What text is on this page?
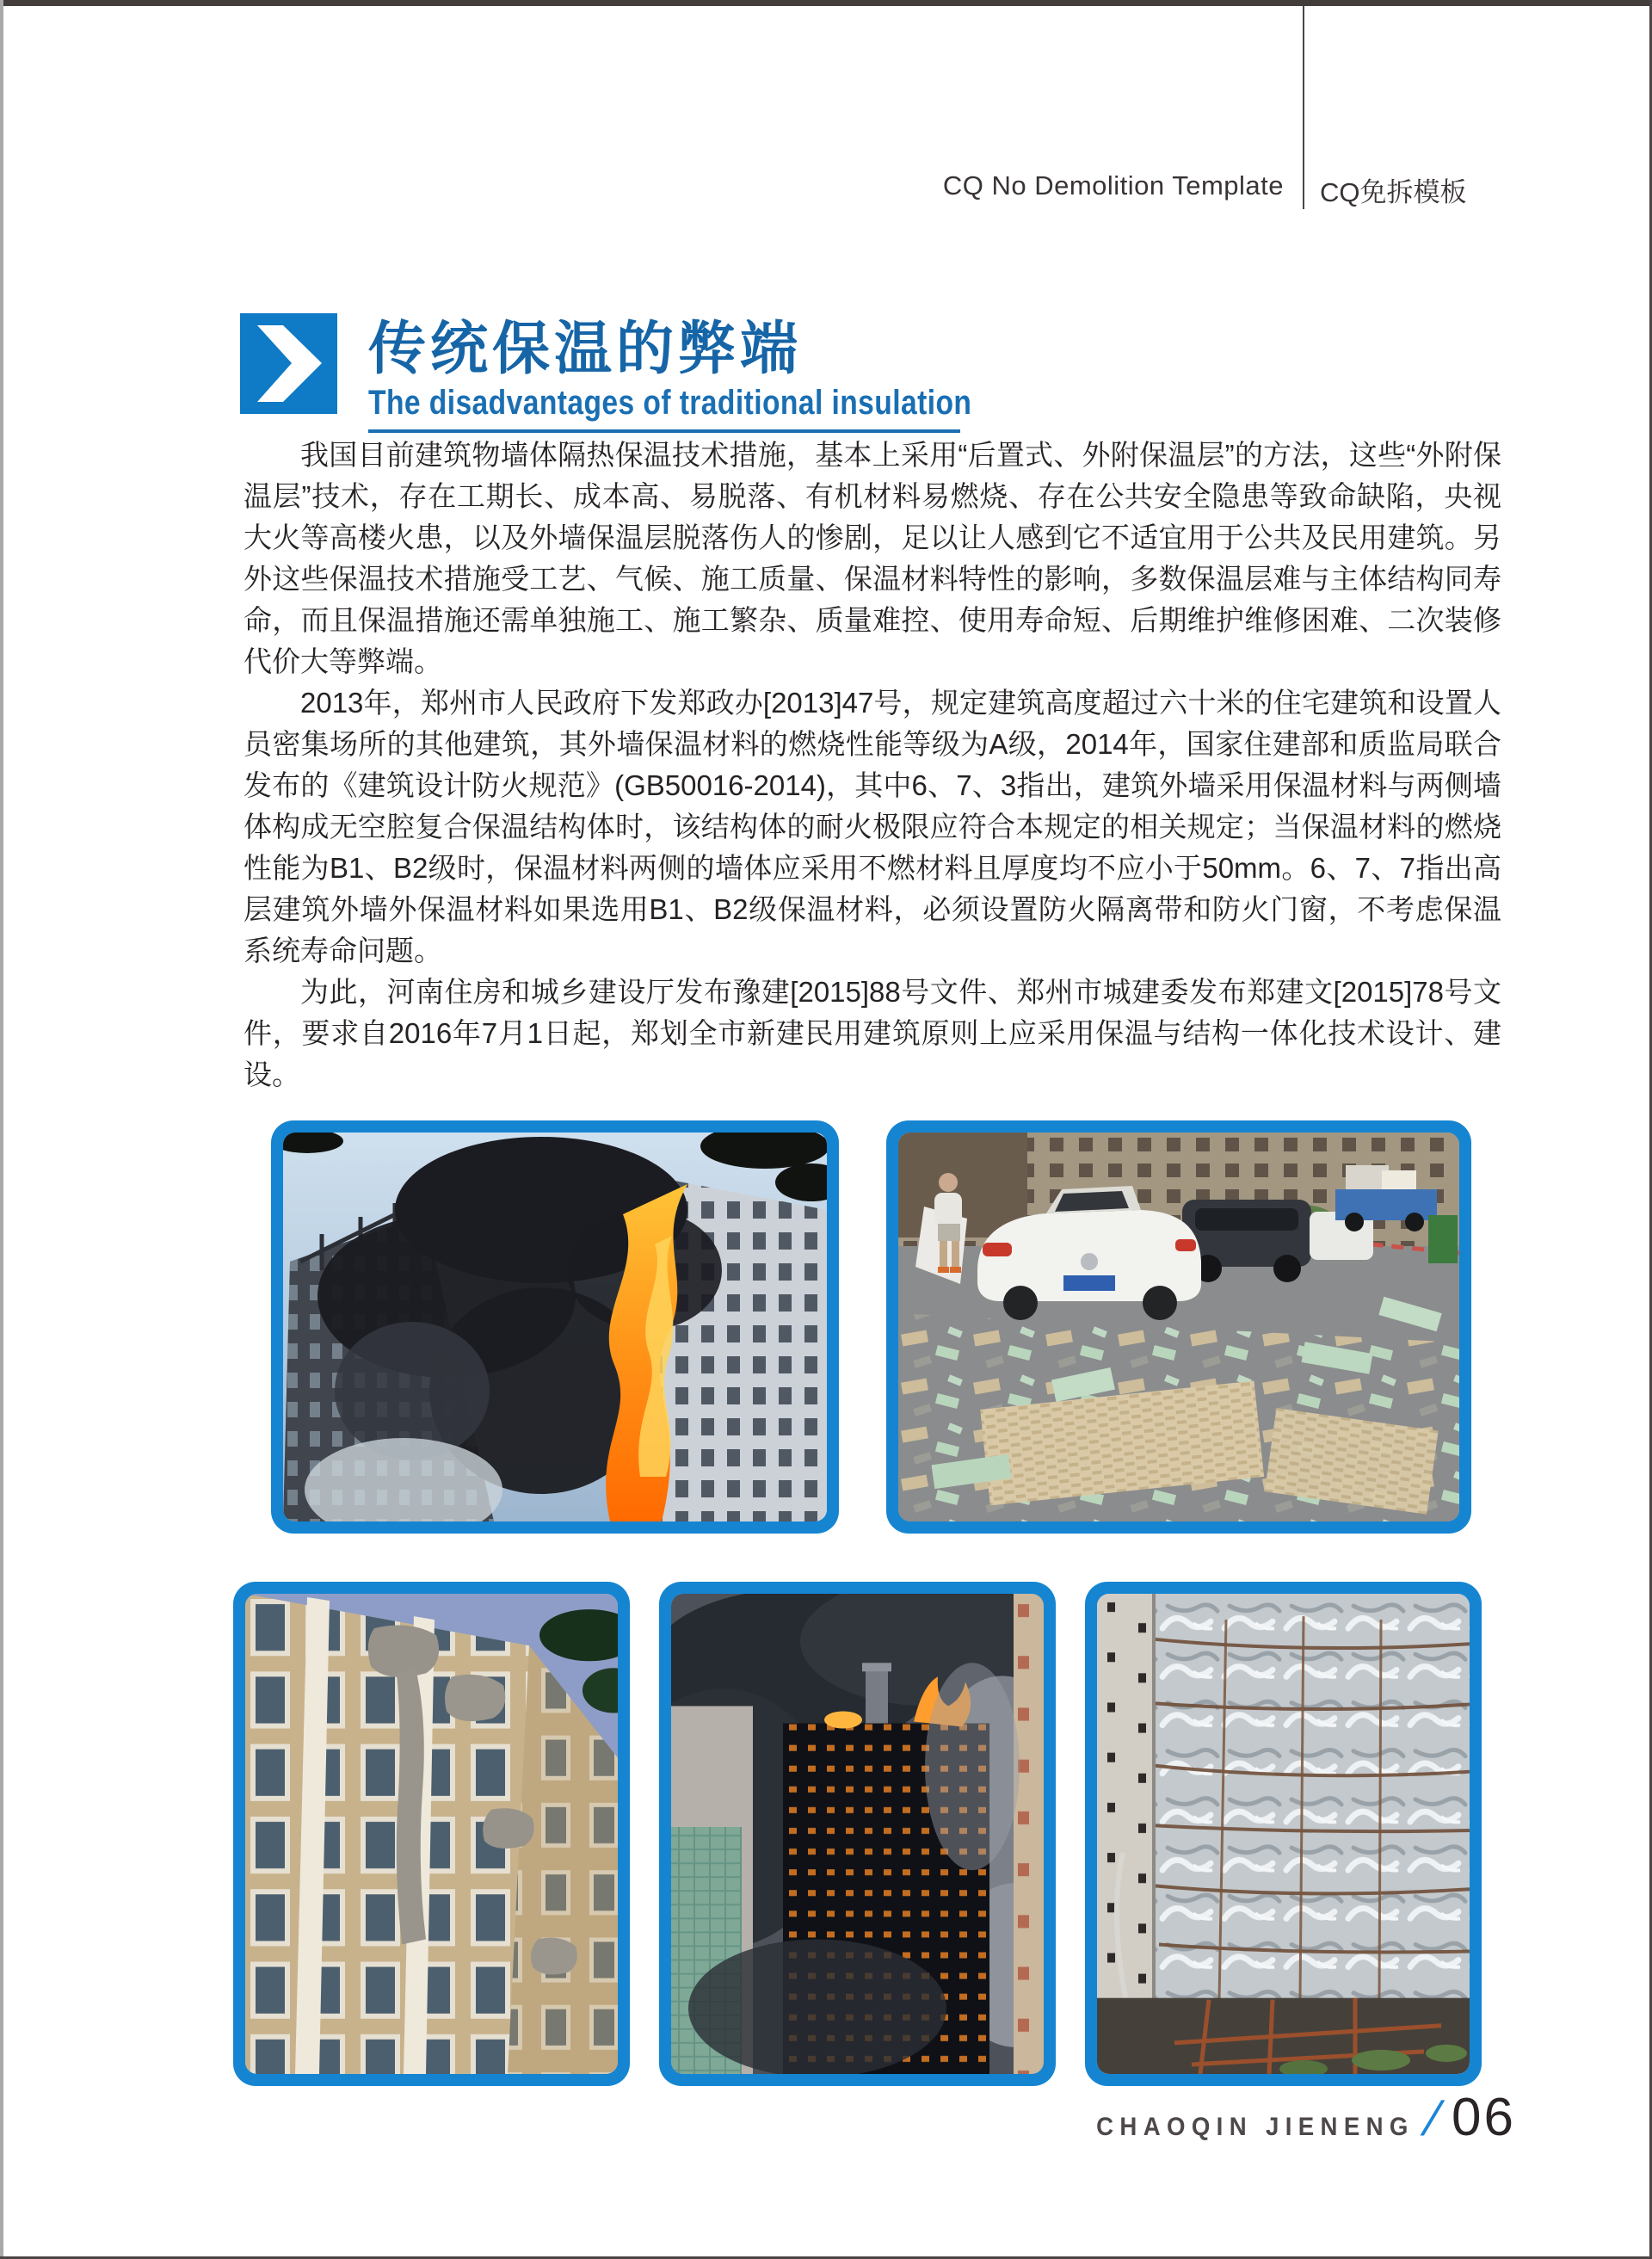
CQ No Demolition Template CQ免拆模板
传统保温的弊端
The disadvantages of traditional insulation

我国目前建筑物墙体隔热保温技术措施，基本上采用“后置式、外附保温层”的方法，这些“外附保温层”技术，存在工期长、成本高、易脱落、有机材料易燃烧、存在公共安全隐患等致命缺陷，央视大火等高楼火患，以及外墙保温层脱落伤人的惨剧，足以让人感到它不适宜用于公共及民用建筑。另外这些保温技术措施受工艺、气候、施工质量、保温材料特性的影响，多数保温层难与主体结构同寿命，而且保温措施还需单独施工、施工繁杂、质量难控、使用寿命短、后期维护维修困难、二次装修代价大等弊端。

2013年，郑州市人民政府下发郑政办[2013]47号，规定建筑高度超过六十米的住宅建筑和设置人员密集场所的其他建筑，其外墙保温材料的燃烧性能等级为A级，2014年，国家住建部和质监局联合发布的《建筑设计防火规范》(GB50016-2014)，其中6、7、3指出，建筑外墙采用保温材料与两侧墙体构成无空腔复合保温结构体时，该结构体的耐火极限应符合本规定的相关规定；当保温材料的燃烧性能为B1、B2级时，保温材料两侧的墙体应采用不燃材料且厚度均不应小于50mm。6、7、7指出高层建筑外墙外保温材料如果选用B1、B2级保温材料，必须设置防火隔离带和防火门窗，不考虑保温系统寿命问题。

为此，河南住房和城乡建设厅发布豫建[2015]88号文件、郑州市城建委发布郑建文[2015]78号文件，要求自2016年7月1日起，郑划全市新建民用建筑原则上应采用保温与结构一体化技术设计、建设。

CHAOQIN JIENENG / 06
